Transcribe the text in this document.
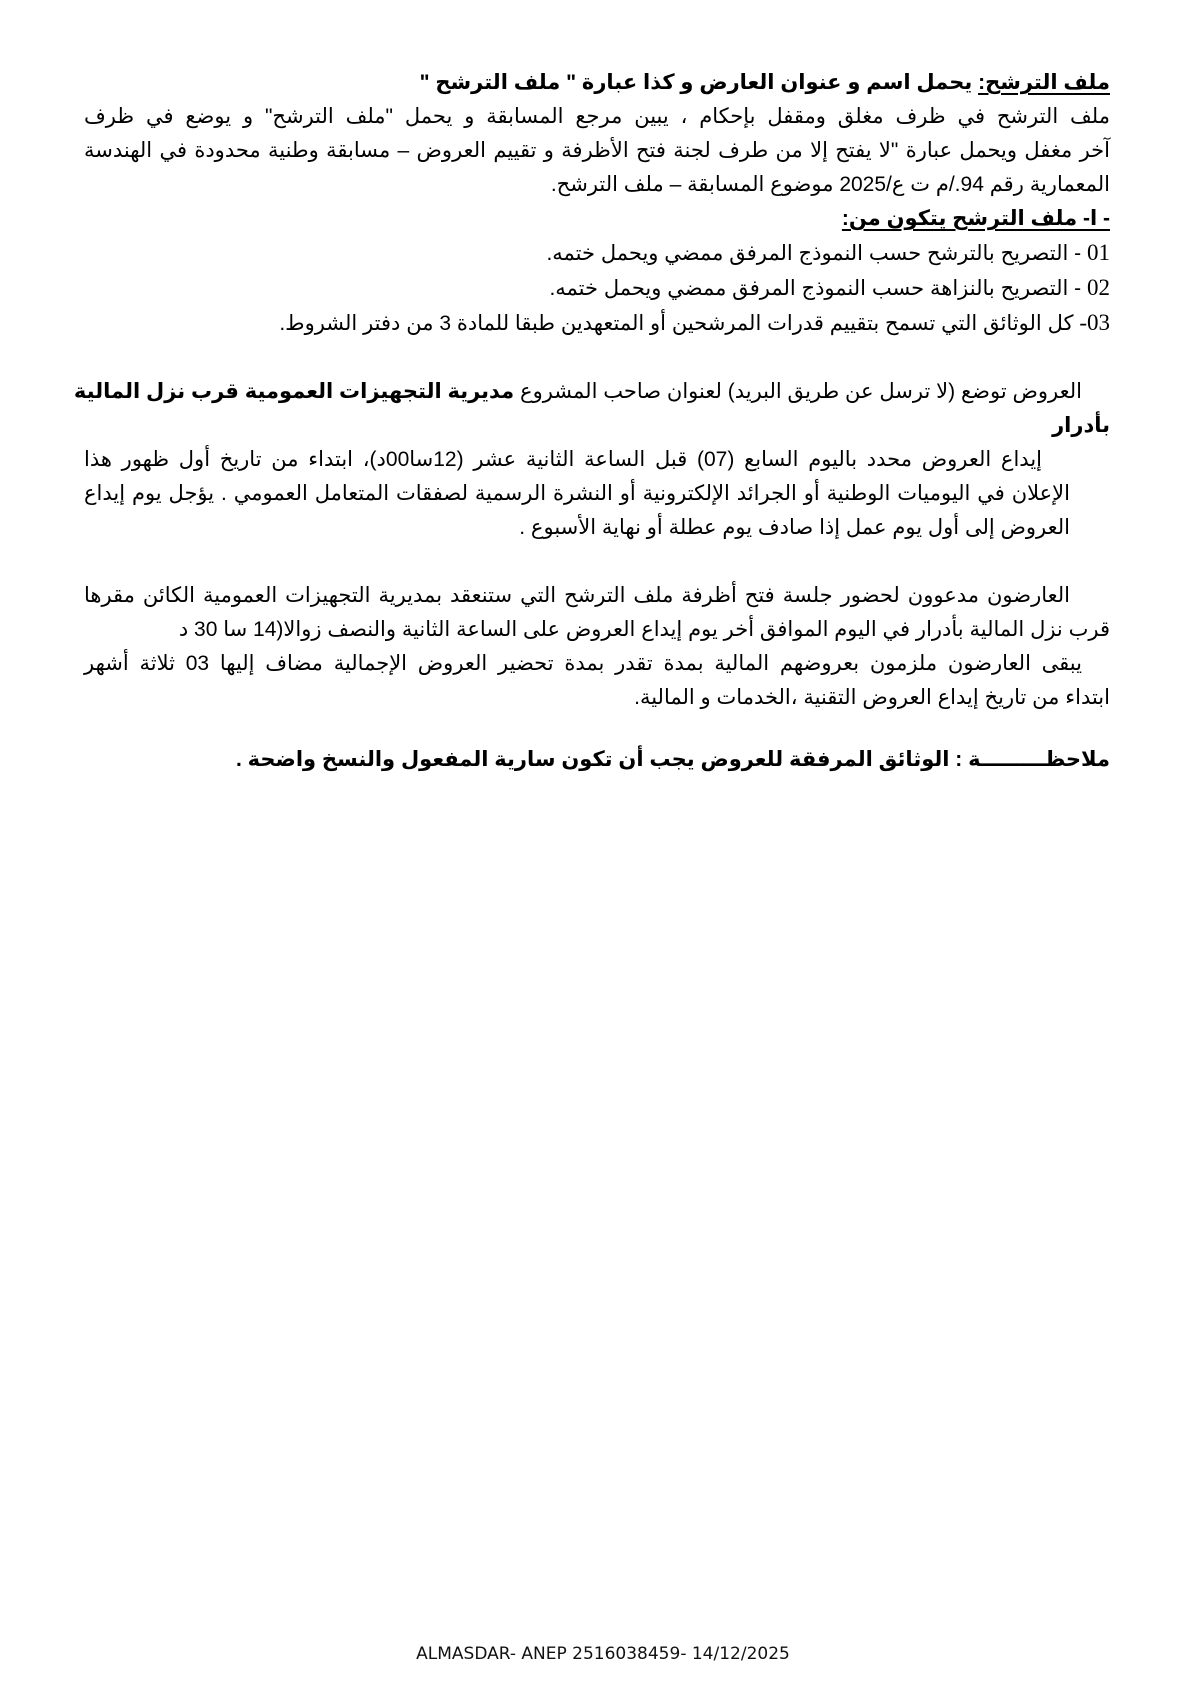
ملف الترشح: يحمل اسم و عنوان العارض و كذا عبارة " ملف الترشح "
ملف الترشح في ظرف مغلق ومقفل بإحكام ، يبين مرجع المسابقة و يحمل "ملف الترشح" و يوضع في ظرف
آخر مغفل ويحمل عبارة "لا يفتح إلا من طرف لجنة فتح الأظرفة و تقييم العروض – مسابقة وطنية محدودة في الهندسة
المعمارية رقم 94./م ت ع/2025 موضوع المسابقة – ملف الترشح.
- ا- ملف الترشح يتكون من:
01 - التصريح بالترشح حسب النموذج المرفق ممضي ويحمل ختمه.
02 - التصريح بالنزاهة حسب النموذج المرفق ممضي ويحمل ختمه.
03- كل الوثائق التي تسمح بتقييم قدرات المرشحين أو المتعهدين طبقا للمادة 3 من دفتر الشروط.
العروض توضع (لا ترسل عن طريق البريد) لعنوان صاحب المشروع مديرية التجهيزات العمومية قرب نزل المالية
بأدرار
إيداع العروض محدد باليوم السابع (07) قبل الساعة الثانية عشر (12سا00د)، ابتداء من تاريخ أول ظهور هذا
الإعلان في اليوميات الوطنية أو الجرائد الإلكترونية أو النشرة الرسمية لصفقات المتعامل العمومي . يؤجل يوم إيداع
العروض إلى أول يوم عمل إذا صادف يوم عطلة أو نهاية الأسبوع .
العارضون مدعوون لحضور جلسة فتح أظرفة ملف الترشح التي ستنعقد بمديرية التجهيزات العمومية الكائن مقرها
قرب نزل المالية بأدرار في اليوم الموافق أخر يوم إيداع العروض على الساعة الثانية والنصف زوالا(14 سا 30 د
يبقى العارضون ملزمون بعروضهم المالية بمدة تقدر بمدة تحضير العروض الإجمالية مضاف إليها 03 ثلاثة أشهر
ابتداء من تاريخ إيداع العروض التقنية ،الخدمات و المالية.
ملاحظـــــــــة : الوثائق المرفقة للعروض يجب أن تكون سارية المفعول والنسخ واضحة .
ALMASDAR- ANEP 2516038459- 14/12/2025
